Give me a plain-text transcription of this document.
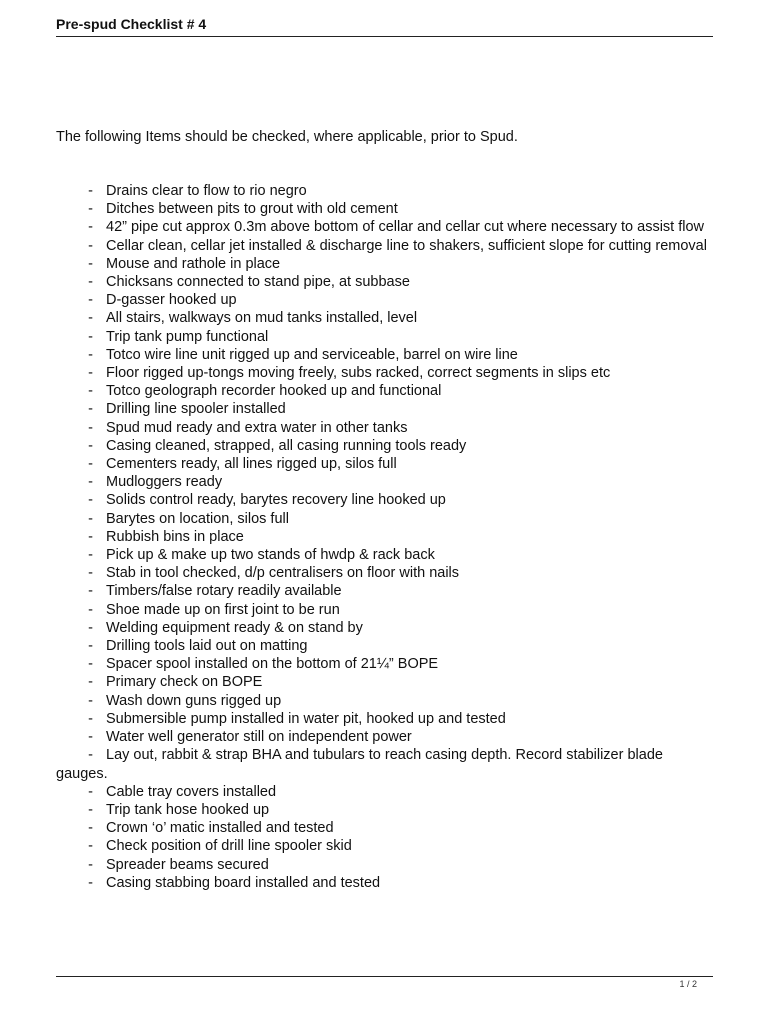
Pre-spud Checklist # 4
The following Items should be checked, where applicable, prior to Spud.
- Drains clear to flow to rio negro
- Ditches between pits to grout with old cement
- 42” pipe cut approx 0.3m above bottom of cellar and cellar cut where necessary to assist flow
- Cellar clean, cellar jet installed & discharge line to shakers, sufficient slope for cutting removal
- Mouse and rathole in place
- Chicksans connected to stand pipe, at subbase
- D-gasser hooked up
- All stairs, walkways on mud tanks installed, level
- Trip tank pump functional
- Totco wire line unit rigged up and serviceable, barrel on wire line
- Floor rigged up-tongs moving freely, subs racked, correct segments in slips etc
- Totco geolograph recorder hooked up and functional
- Drilling line spooler installed
- Spud mud ready and extra water in other tanks
- Casing cleaned, strapped, all casing running tools ready
- Cementers ready, all lines rigged up, silos full
- Mudloggers ready
- Solids control ready, barytes recovery line hooked up
- Barytes on location, silos full
- Rubbish bins in place
- Pick up & make up two stands of hwdp & rack back
- Stab in tool checked, d/p centralisers on floor with nails
- Timbers/false rotary readily available
- Shoe made up on first joint to be run
- Welding equipment ready & on stand by
- Drilling tools laid out on matting
- Spacer spool installed on the bottom of 21¼” BOPE
- Primary check on BOPE
- Wash down guns rigged up
- Submersible pump installed in water pit, hooked up and tested
- Water well generator still on independent power
- Lay out, rabbit & strap BHA and tubulars to reach casing depth. Record stabilizer blade gauges.
- Cable tray covers installed
- Trip tank hose hooked up
- Crown ‘o’ matic installed and tested
- Check position of drill line spooler skid
- Spreader beams secured
- Casing stabbing board installed and tested
1 / 2
